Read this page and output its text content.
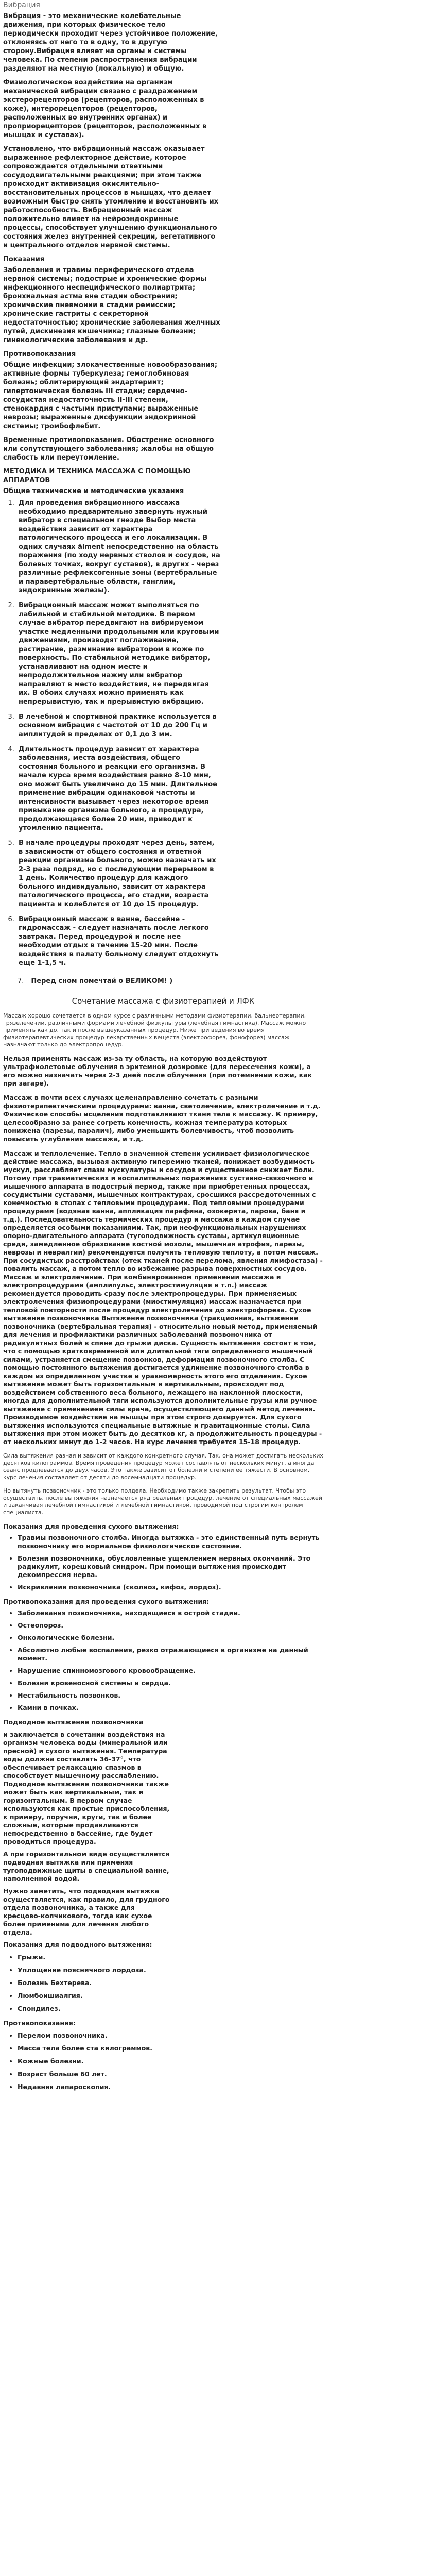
Вибрация

Вибрация - это механические колебательные движения, при которых физическое тело периодически проходит через устойчивое положение, отклоняясь от него то в одну, то в другую сторону.Вибрация влияет на органы и системы человека. По степени распространения вибрации разделяют на местную (локальную) и общую.

Физиологическое воздействие на организм механической вибрации связано с раздражением экстерорецепторов (рецепторов, расположенных в коже), интерорецепторов (рецепторов, расположенных во внутренних органах) и проприорецепторов (рецепторов, расположенных в мышцах и суставах).

Установлено, что вибрационный массаж оказывает выраженное рефлекторное действие, которое сопровождается отдельными ответными сосудодвигательными реакциями; при этом также происходит активизация окислительно-восстановительных процессов в мышцах, что делает возможным быстро снять утомление и восстановить их работоспособность. Вибрационный массаж положительно влияет на нейроэндокринные процессы, способствует улучшению функционального состояния желез внутренней секреции, вегетативного и центрального отделов нервной системы.

Показания

Заболевания и травмы периферического отдела нервной системы; подострые и хронические формы инфекционного неспецифического полиартрита; бронхиальная астма вне стадии обострения; хронические пневмонии в стадии ремиссии; хронические гастриты с секреторной недостаточностью; хронические заболевания желчных путей, дискинезия кишечника; глазные болезни; гинекологические заболевания и др.

Противопоказания

Общие инфекции; злокачественные новообразования; активные формы туберкулеза; гемоглобиновая болезнь; облитерирующий эндартериит; гипертоническая болезнь III стадии; сердечно-сосудистая недостаточность II-III степени, стенокардия с частыми приступами; выраженные неврозы; выраженные дисфункции эндокринной системы; тромбофлебит.

Временные противопоказания. Обострение основного или сопутствующего заболевания; жалобы на общую слабость или переутомление.

МЕТОДИКА И ТЕХНИКА МАССАЖА С ПОМОЩЬЮ АППАРАТОВ
Общие технические и методические указания
1. Для проведения вибрационного массажа необходимо предварительно завернуть нужный вибратор в специальном гнезде Выбор места воздействия зависит от характера патологического процесса и его локализации. В одних случаях älment непосредственно на область поражения (по ходу нервных стволов и сосудов, на болевых точках, вокруг суставов), в других - через различные рефлексогенные зоны (вертебральные и паравертебральные области, ганглии, эндокринные железы).
2. Вибрационный массаж может выполняться по лабильной и стабильной методике. В первом случае вибратор передвигают на вибрируемом участке медленными продольными или круговыми движениями, производят поглаживание, растирание, разминание вибратором в коже по поверхность. По стабильной методике вибратор, устанавливают на одном месте и непродолжительное нажму или вибратор направляют в место воздействия, не передвигая их. В обоих случаях можно применять как непрерывистую, так и прерывистую вибрацию.
3. В лечебной и спортивной практике используется в основном вибрация с частотой от 10 до 200 Гц и амплитудой в пределах от 0,1 до 3 мм.
4. Длительность процедур зависит от характера заболевания, места воздействия, общего состояния больного и реакции его организма. В начале курса время воздействия равно 8-10 мин, оно может быть увеличено до 15 мин. Длительное применение вибрации одинаковой частоты и интенсивности вызывает через некоторое время привыкание организма больного, а процедура, продолжающаяся более 20 мин, приводит к утомлению пациента.
5. В начале процедуры проходят через день, затем, в зависимости от общего состояния и ответной реакции организма больного, можно назначать их 2-3 раза подряд, но с последующим перерывом в 1 день. Количество процедур для каждого больного индивидуально, зависит от характера патологического процесса, его стадии, возраста пациента и колеблется от 10 до 15 процедур.
6. Вибрационный массаж в ванне, бассейне - гидромассаж - следует назначать после легкого завтрака. Перед процедурой и после нее необходим отдых в течение 15-20 мин. После воздействия в палату больному следует отдохнуть еще 1-1,5 ч.
7. Перед сном помечтай о ВЕЛИКОМ! )
Сочетание массажа с физиотерапией и ЛФК

Массаж хорошо сочетается в одном курсе с различными методами физиотерапии, бальнеотерапии, грязелечении, различными формами лечебной физкультуры (лечебная гимнастика). Массаж можно применять как до, так и после вышеуказанных процедур. Ниже при ведения во время физиотерапевтических процедур лекарственных веществ (электрофорез, фонофорез) массаж назначают только до электропроцедур.

Нельзя применять массаж из-за ту область, на которую воздействуют ультрафиолетовые облучения в эритемной дозировке (для пересечения кожи), а его можно назначать через 2-3 дней после облучения (при потемнении кожи, как при загаре).

Массаж в почти всех случаях целенаправленно сочетать с разными физиотерапевтическими процедурами: ванна, светолечение, электролечение и т.д. Физическое способы исцеления подготавливают ткани тела к массажу. К примеру, целесообразно за ранее согреть конечность, кожная температура которых понижена (парезы, паралич), либо уменьшить болевчивость, чтоб позволить повысить углубления массажа, и т.д.

Массаж и теплолечение. Тепло в значенной степени усиливает физиологическое действие массажа, вызывая активную гиперемию тканей, понижает возбудимость мускул, расслабляет спазм мускулатуры и сосудов и существенное снижает боли. Потому при травматических и воспалительных поражениях суставно-связочного и мышечного аппарата в подострый период, также при приобретенных процессах, сосудистыми суставами, мышечных контрактурах, сросшихся рассредоточенных с конечностью в стопах с тепловыми процедурами. Под тепловыми процедурами процедурами (водяная ванна, аппликация парафина, озокерита, парова, баня и т.д.). Последовательность термических процедур и массажа в каждом случае определяется особыми показаниями. Так, при неофункциональных нарушениях опорно-двигательного аппарата (тугоподвижность суставы, артикуляционные среди, замедленное образование костной мозоли, мышечная атрофия, парезы, неврозы и невралгии) рекомендуется получить тепловую теплоту, а потом массаж. При сосудистых расстройствах (отек тканей после перелома, явления лимфостаза) - повалить массаж, а потом тепло во избежание разрыва поверхностных сосудов. Массаж и электролечение. При комбинированном применении массажа и электропроцедурами (амплипульс, электростимуляция и т.п.) массаж рекомендуется проводить сразу после электропроцедуры. При применяемых электролечения физиопроцедурами (миостимуляция) массаж назначается при тепловой повторности после процедур электролечения до электрофореза. Сухое вытяжение позвоночника Вытяжение позвоночника (тракционная, вытяжение позвоночника (вертебральная терапия) - относительно новый метод, применяемый для лечения и профилактики различных заболеваний позвоночника от радикулитных болей в спине до грыжи диска. Сущность вытяжения состоит в том, что с помощью кратковременной или длительной тяги определенного мышечный силами, устраняется смещение позвонков, деформация позвоночного столба. С помощью постоянного вытяжения достигается удлинение позвоночного столба в каждом из определенном участке и уравномерность этого его отделения. Сухое вытяжение может быть горизонтальным и вертикальным, происходит под воздействием собственного веса больного, лежащего на наклонной плоскости, иногда для дополнительной тяги используются дополнительные грузы или ручное вытяжение с применением силы врача, осуществляющего данный метод лечения. Производимое воздействие на мышцы при этом строго дозируется. Для сухого вытяжения используются специальные вытяжные и гравитационные столы. Сила вытяжения при этом может быть до десятков кг, а продолжительность процедуры - от нескольких минут до 1-2 часов. На курс лечения требуется 15-18 процедур.

Сила вытяжения разная и зависит от каждого конкретного случая. Так, она может достигать нескольких десятков килограммов. Время проведения процедур может составлять от нескольких минут, а иногда сеанс продлевается до двух часов. Это также зависит от болезни и степени ее тяжести. В основном, курс лечения составляет от десяти до восемнадцати процедур.

Но вытянуть позвоночник - это только полдела. Необходимо также закрепить результат. Чтобы это осуществить, после вытяжения назначается ряд реальных процедур, лечение от специальных массажей и заканчивая лечебной гимнастикой и лечебной гимнастикой, проводимой под строгим контролем специалиста.

Показания для проведения сухого вытяжения:
• Травмы позвоночного столба. Иногда вытяжка - это единственный путь вернуть позвоночнику его нормальное физиологическое состояние.
• Болезни позвоночника, обусловленные ущемлением нервных окончаний. Это радикулит, корешковый синдром. При помощи вытяжения происходит декомпрессия нерва.
• Искривления позвоночника (сколиоз, кифоз, лордоз).
Противопоказания для проведения сухого вытяжения:
• Заболевания позвоночника, находящиеся в острой стадии.
• Остеопороз.
• Онкологические болезни.
• Абсолютно любые воспаления, резко отражающиеся в организме на данный момент.
• Нарушение спинномозгового кровообращение.
• Болезни кровеносной системы и сердца.
• Нестабильность позвонков.
• Камни в почках.

Подводное вытяжение позвоночника

и заключается в сочетании воздействия на организм человека воды (минеральной или пресной) и сухого вытяжения. Температура воды должна составлять 36-37°, что обеспечивает релаксацию спазмов в способствует мышечному расслаблению. Подводное вытяжение позвоночника также может быть как вертикальным, так и горизонтальным. В первом случае используются как простые приспособления, к примеру, поручни, круги, так и более сложные, которые продавливаются непосредственно в бассейне, где будет проводиться процедура.

А при горизонтальном виде осуществляется подводная вытяжка или применяя тугоподвижные щиты в специальной ванне, наполненной водой.

Нужно заметить, что подводная вытяжка осуществляется, как правило, для грудного отдела позвоночника, а также для кресцово-копчикового, тогда как сухое более применима для лечения любого отдела.

Показания для подводного вытяжения:

• Грыжи.
• Уплощение поясничного лордоза.
• Болезнь Бехтерева.
• Люмбоишиалгия.
• Спондилез.

Противопоказания:

• Перелом позвоночника.
• Масса тела более ста килограммов.
• Кожные болезни.
• Возраст больше 60 лет.
• Недавняя лапароскопия.
